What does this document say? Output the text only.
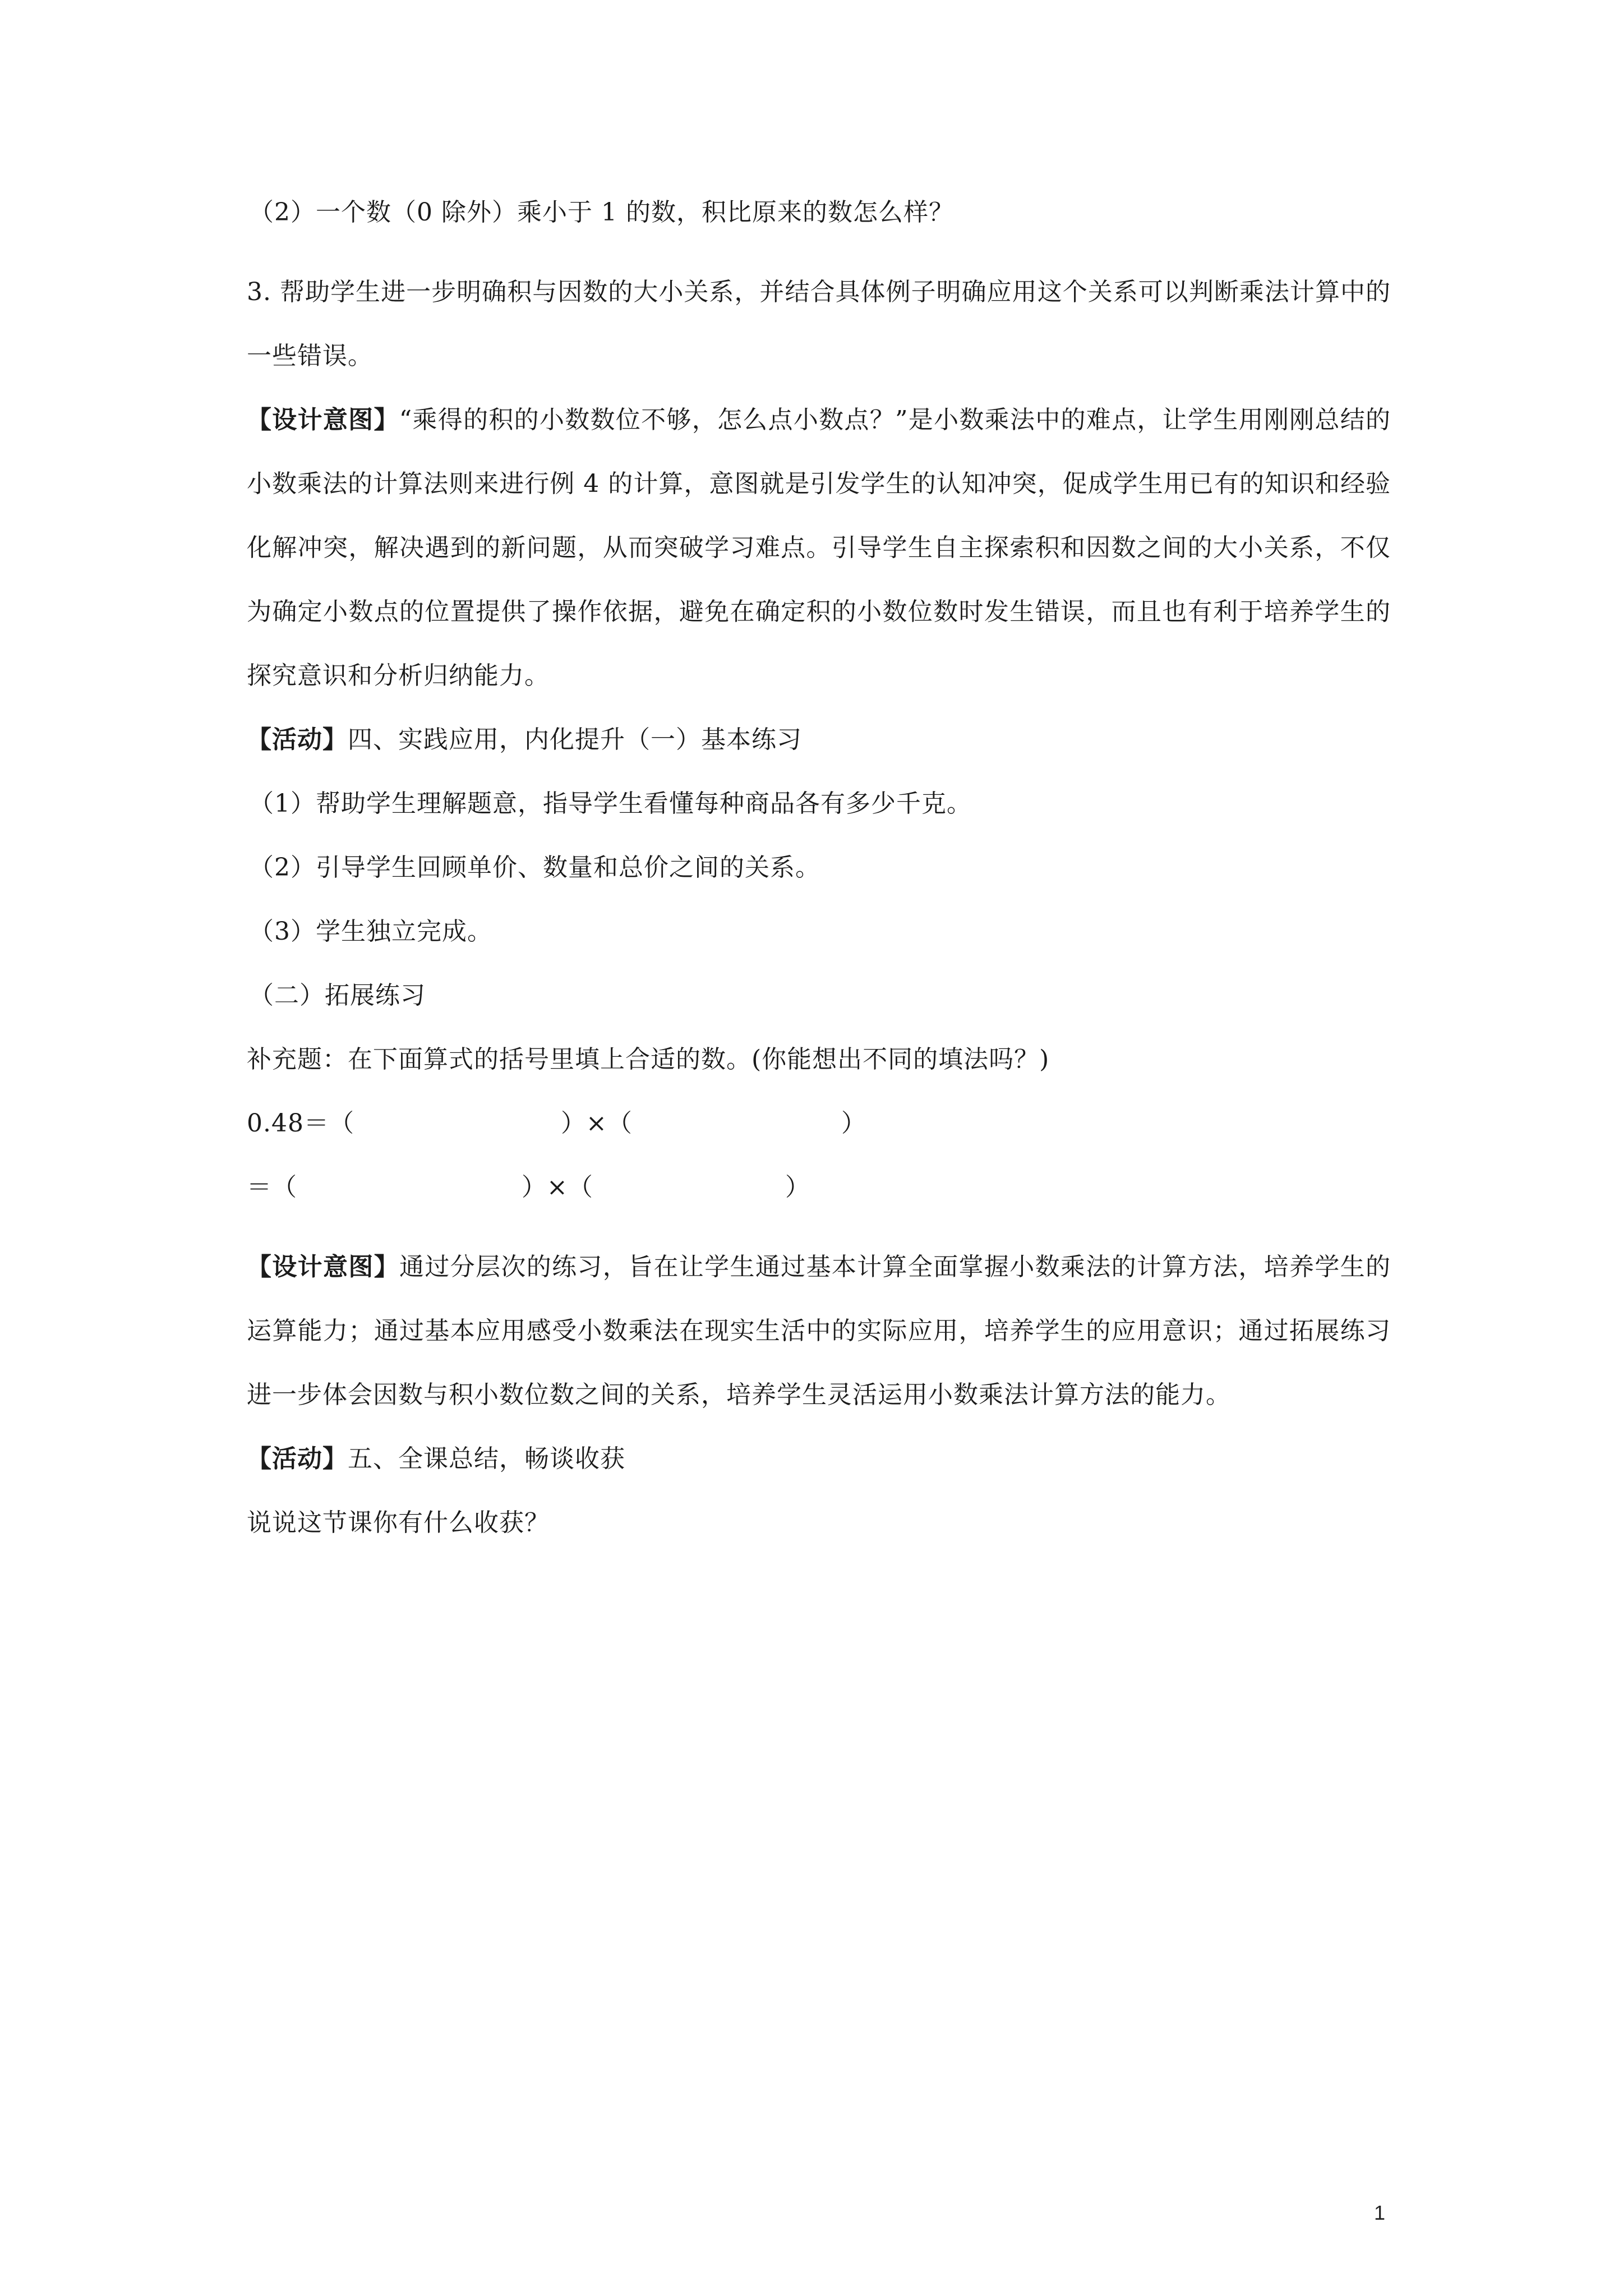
（2）一个数（0 除外）乘小于 1 的数，积比原来的数怎么样？
3. 帮助学生进一步明确积与因数的大小关系，并结合具体例子明确应用这个关系可以判断乘法计算中的一些错误。
【设计意图】“乘得的积的小数数位不够，怎么点小数点？”是小数乘法中的难点，让学生用刚刚总结的小数乘法的计算法则来进行例 4 的计算，意图就是引发学生的认知冲突，促成学生用已有的知识和经验化解冲突，解决遇到的新问题，从而突破学习难点。引导学生自主探索积和因数之间的大小关系，不仅为确定小数点的位置提供了操作依据，避免在确定积的小数位数时发生错误，而且也有利于培养学生的探究意识和分析归纳能力。
【活动】四、实践应用，内化提升（一）基本练习
（1）帮助学生理解题意，指导学生看懂每种商品各有多少千克。
（2）引导学生回顾单价、数量和总价之间的关系。
（3）学生独立完成。
（二）拓展练习
补充题：在下面算式的括号里填上合适的数。(你能想出不同的填法吗？)
0.48＝（	）×（	）
＝（	）×（	）
【设计意图】通过分层次的练习，旨在让学生通过基本计算全面掌握小数乘法的计算方法，培养学生的运算能力；通过基本应用感受小数乘法在现实生活中的实际应用，培养学生的应用意识；通过拓展练习进一步体会因数与积小数位数之间的关系，培养学生灵活运用小数乘法计算方法的能力。
【活动】五、全课总结，畅谈收获
说说这节课你有什么收获？
1
